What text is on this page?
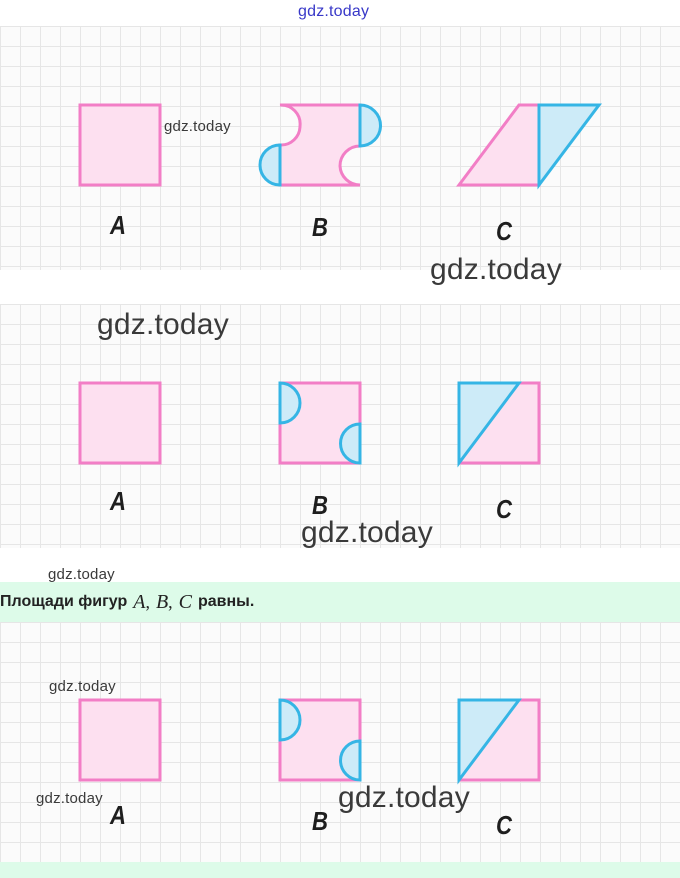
gdz.today
A	B	C
A	B	C
Площади фигур A , B , C равны.
A	B	C
gdz.today
gdz.today
gdz.today
gdz.today
gdz.today
gdz.today
gdz.today	gdz.today
